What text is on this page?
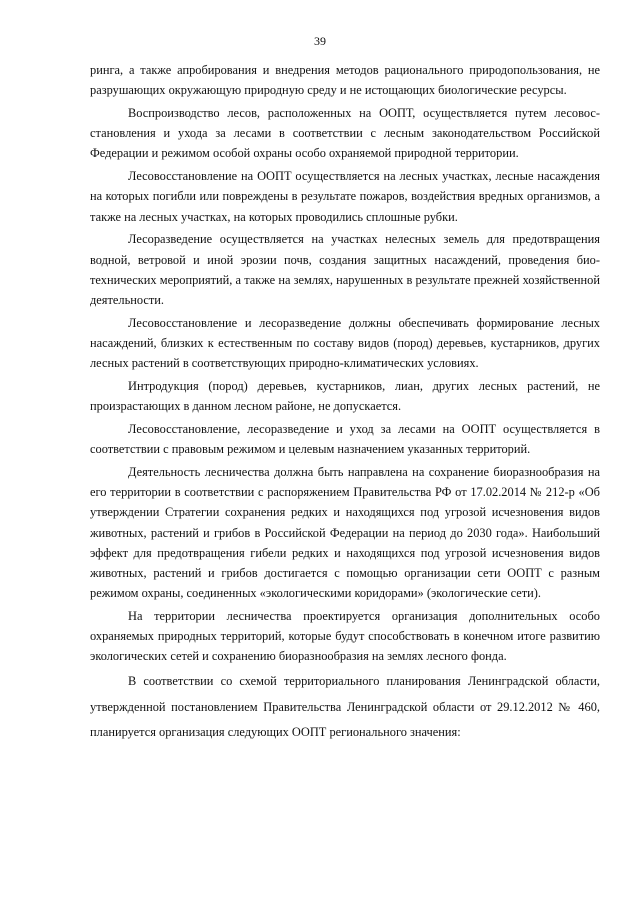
39

ринга, а также апробирования и внедрения методов рационального природопользования, не разрушающих окружающую природную среду и не истощающих биологические ресурсы.

Воспроизводство лесов, расположенных на ООПТ, осуществляется путем лесовосстановления и ухода за лесами в соответствии с лесным законодательством Российской Федерации и режимом особой охраны особо охраняемой природной территории.

Лесовосстановление на ООПТ осуществляется на лесных участках, лесные насаждения на которых погибли или повреждены в результате пожаров, воздействия вредных организмов, а также на лесных участках, на которых проводились сплошные рубки.

Лесоразведение осуществляется на участках нелесных земель для предотвращения водной, ветровой и иной эрозии почв, создания защитных насаждений, проведения биотехнических мероприятий, а также на землях, нарушенных в результате прежней хозяйственной деятельности.

Лесовосстановление и лесоразведение должны обеспечивать формирование лесных насаждений, близких к естественным по составу видов (пород) деревьев, кустарников, других лесных растений в соответствующих природно-климатических условиях.

Интродукция (пород) деревьев, кустарников, лиан, других лесных растений, не произрастающих в данном лесном районе, не допускается.

Лесовосстановление, лесоразведение и уход за лесами на ООПТ осуществляется в соответствии с правовым режимом и целевым назначением указанных территорий.

Деятельность лесничества должна быть направлена на сохранение биоразнообразия на его территории в соответствии с распоряжением Правительства РФ от 17.02.2014 № 212-р «Об утверждении Стратегии сохранения редких и находящихся под угрозой исчезновения видов животных, растений и грибов в Российской Федерации на период до 2030 года». Наибольший эффект для предотвращения гибели редких и находящихся под угрозой исчезновения видов животных, растений и грибов достигается с помощью организации сети ООПТ с разным режимом охраны, соединенных «экологическими коридорами» (экологические сети).

На территории лесничества проектируется организация дополнительных особо охраняемых природных территорий, которые будут способствовать в конечном итоге развитию экологических сетей и сохранению биоразнообразия на землях лесного фонда.

В соответствии со схемой территориального планирования Ленинградской области, утвержденной постановлением Правительства Ленинградской области от 29.12.2012 № 460, планируется организация следующих ООПТ регионального значения:
